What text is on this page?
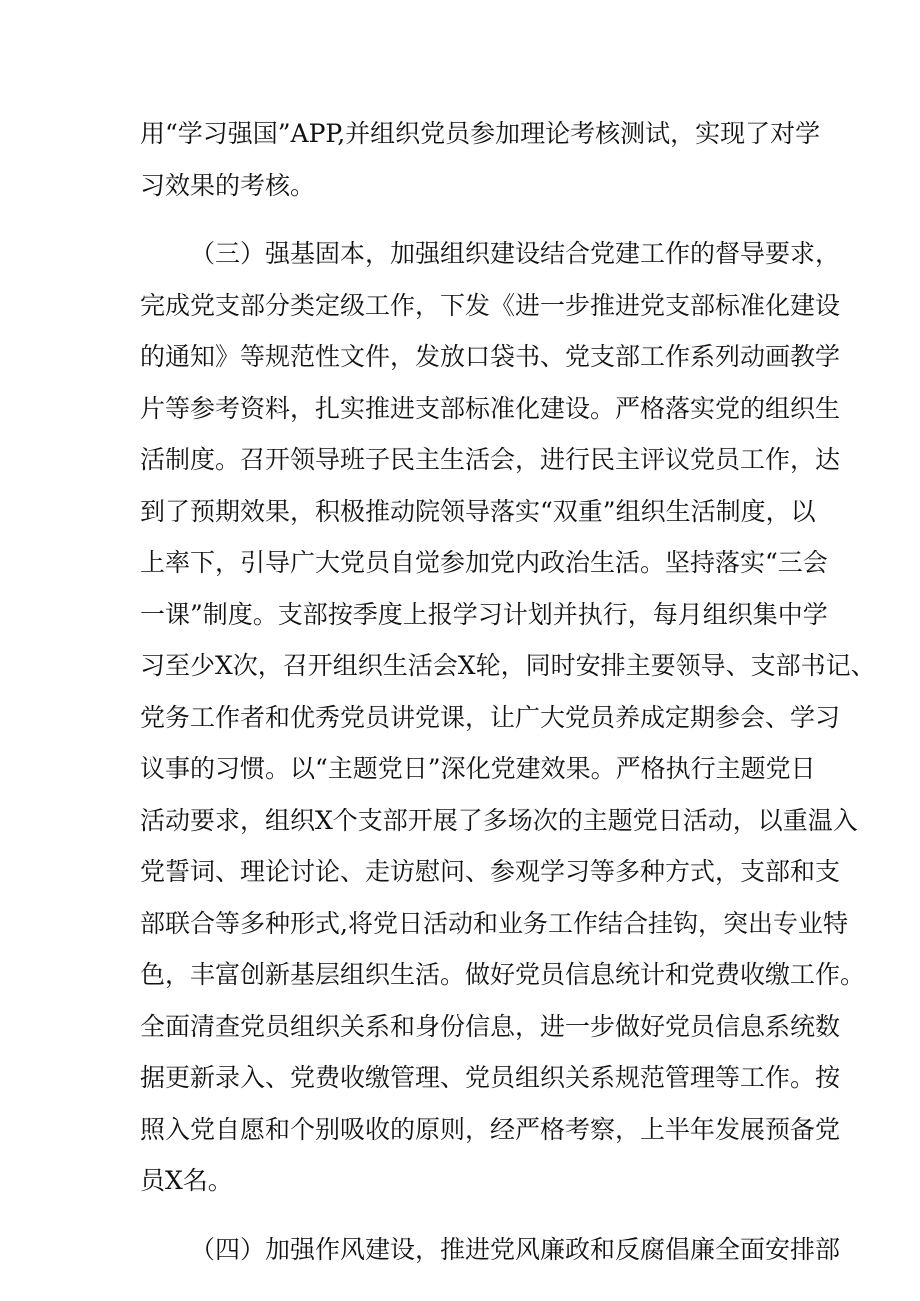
用“学习强国”APP,并组织党员参加理论考核测试，实现了对学
习效果的考核。
（三）强基固本，加强组织建设结合党建工作的督导要求，
完成党支部分类定级工作，下发《进一步推进党支部标准化建设
的通知》等规范性文件，发放口袋书、党支部工作系列动画教学
片等参考资料，扎实推进支部标准化建设。严格落实党的组织生
活制度。召开领导班子民主生活会，进行民主评议党员工作，达
到了预期效果，积极推动院领导落实“双重”组织生活制度，以
上率下，引导广大党员自觉参加党内政治生活。坚持落实“三会
一课”制度。支部按季度上报学习计划并执行，每月组织集中学
习至少X次，召开组织生活会X轮，同时安排主要领导、支部书记、
党务工作者和优秀党员讲党课，让广大党员养成定期参会、学习
议事的习惯。以“主题党日”深化党建效果。严格执行主题党日
活动要求，组织X个支部开展了多场次的主题党日活动，以重温入
党誓词、理论讨论、走访慰问、参观学习等多种方式，支部和支
部联合等多种形式,将党日活动和业务工作结合挂钩，突出专业特
色，丰富创新基层组织生活。做好党员信息统计和党费收缴工作。
全面清查党员组织关系和身份信息，进一步做好党员信息系统数
据更新录入、党费收缴管理、党员组织关系规范管理等工作。按
照入党自愿和个别吸收的原则，经严格考察，上半年发展预备党
员X名。
（四）加强作风建设，推进党风廉政和反腐倡廉全面安排部
